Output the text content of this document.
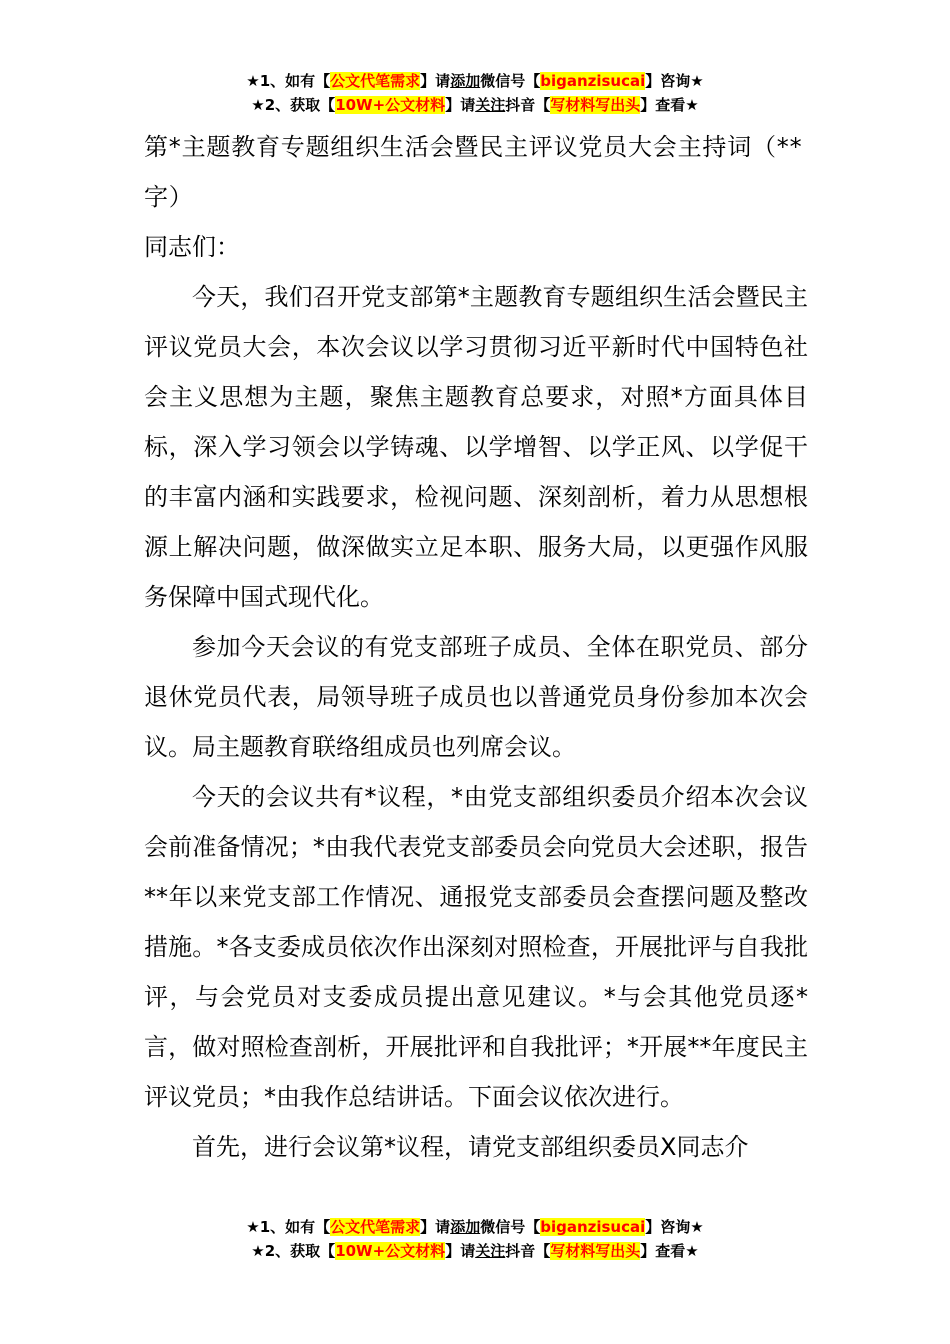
★1、如有【公文代笔需求】请添加微信号【biganzisucai】咨询★
★2、获取【10W+公文材料】请关注抖音【写材料写出头】查看★
第*主题教育专题组织生活会暨民主评议党员大会主持词（**字）

同志们：

今天，我们召开党支部第*主题教育专题组织生活会暨民主评议党员大会，本次会议以学习贯彻习近平新时代中国特色社会主义思想为主题，聚焦主题教育总要求，对照*方面具体目标，深入学习领会以学铸魂、以学增智、以学正风、以学促干的丰富内涵和实践要求，检视问题、深刻剖析，着力从思想根源上解决问题，做深做实立足本职、服务大局，以更强作风服务保障中国式现代化。

参加今天会议的有党支部班子成员、全体在职党员、部分退休党员代表，局领导班子成员也以普通党员身份参加本次会议。局主题教育联络组成员也列席会议。

今天的会议共有*议程，*由党支部组织委员介绍本次会议会前准备情况；*由我代表党支部委员会向党员大会述职，报告**年以来党支部工作情况、通报党支部委员会查摆问题及整改措施。*各支委成员依次作出深刻对照检查，开展批评与自我批评，与会党员对支委成员提出意见建议。*与会其他党员逐*言，做对照检查剖析，开展批评和自我批评；*开展**年度民主评议党员；*由我作总结讲话。下面会议依次进行。

首先，进行会议第*议程，请党支部组织委员X同志介

★1、如有【公文代笔需求】请添加微信号【biganzisucai】咨询★
★2、获取【10W+公文材料】请关注抖音【写材料写出头】查看★
